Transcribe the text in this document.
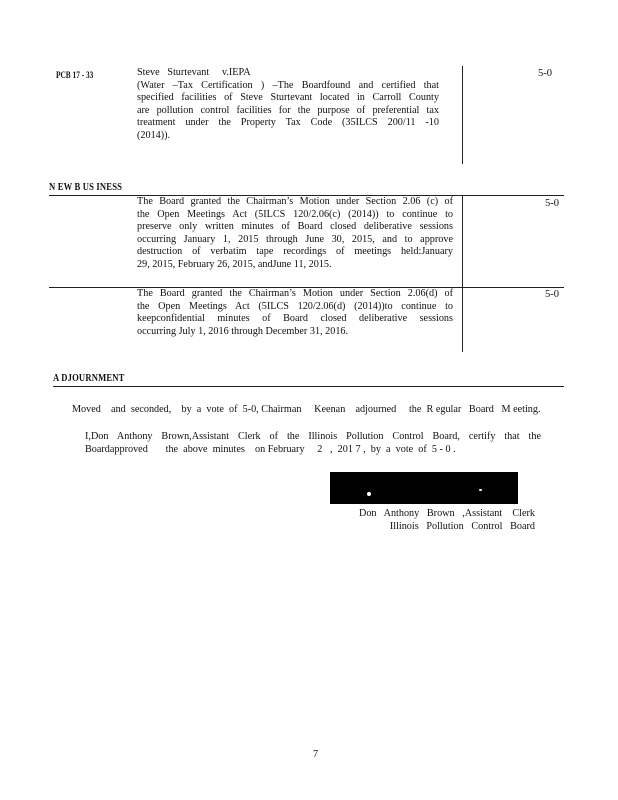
PCB 17 - 33	Steve   Sturtevant     v.IEPA
(Water –Tax Certification ) –The Boardfound and certified that
specified facilities of Steve Sturtevant located in Carroll County
are pollution control facilities for the purpose of preferential tax
treatment under the Property Tax Code (35ILCS 200/11 -10
(2014)).
5-0
N EW B US INESS
The Board granted the Chairman’s Motion under Section 2.06 (c) of
the Open Meetings Act (5ILCS 120/2.06(c) (2014)) to continue to
preserve only written minutes of Board closed deliberative sessions
occurring January 1, 2015 through June 30, 2015, and to approve
destruction of verbatim tape recordings of meetings held:January
29, 2015, February 26, 2015, andJune 11, 2015.
5-0
The Board granted the Chairman’s Motion under Section 2.06(d) of
the Open Meetings Act (5ILCS 120/2.06(d) (2014))to continue to
keepconfidential minutes of Board closed deliberative sessions
occurring July 1, 2016 through December 31, 2016.
5-0
A DJOURNMENT
Moved    and  seconded,    by  a  vote  of  5-0, Chairman     Keenan    adjourned     the  R egular   Board   M eeting.
I,Don Anthony Brown,Assistant Clerk of the Illinois Pollution Control Board, certify that the
Boardapproved       the  above  minutes    on February     2   ,  201 7 ,  by  a  vote  of  5 - 0 .
Don   Anthony   Brown   ,Assistant    Clerk
Illinois   Pollution   Control   Board
7
